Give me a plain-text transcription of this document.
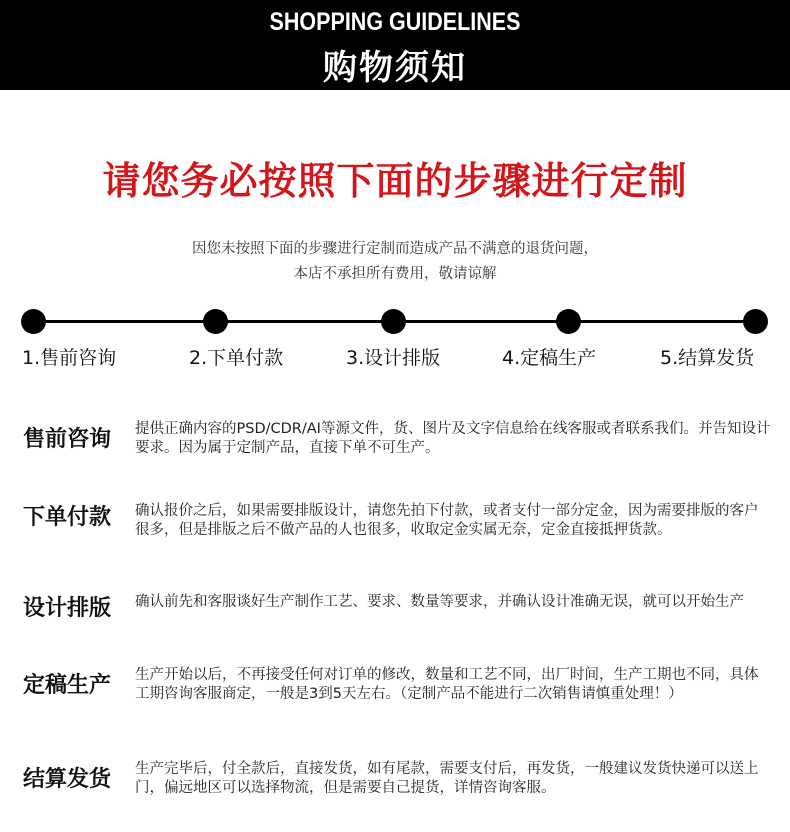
SHOPPING GUIDELINES
购物须知
请您务必按照下面的步骤进行定制
因您未按照下面的步骤进行定制而造成产品不满意的退货问题，
本店不承担所有费用，敬请谅解
1.售前咨询	2.下单付款	3.设计排版	4.定稿生产	5.结算发货
售前咨询 提供正确内容的PSD/CDR/AI等源文件，货、图片及文字信息给在线客服或者联系我们。并告知设计要求。因为属于定制产品，直接下单不可生产。
下单付款 确认报价之后，如果需要排版设计，请您先拍下付款，或者支付一部分定金，因为需要排版的客户很多，但是排版之后不做产品的人也很多，收取定金实属无奈，定金直接抵押货款。
设计排版 确认前先和客服谈好生产制作工艺、要求、数量等要求，并确认设计准确无误，就可以开始生产
定稿生产 生产开始以后，不再接受任何对订单的修改，数量和工艺不同，出厂时间，生产工期也不同，具体工期咨询客服商定，一般是3到5天左右。（定制产品不能进行二次销售请慎重处理！）
结算发货 生产完毕后，付全款后，直接发货，如有尾款，需要支付后，再发货，一般建议发货快递可以送上门，偏远地区可以选择物流，但是需要自己提货，详情咨询客服。
